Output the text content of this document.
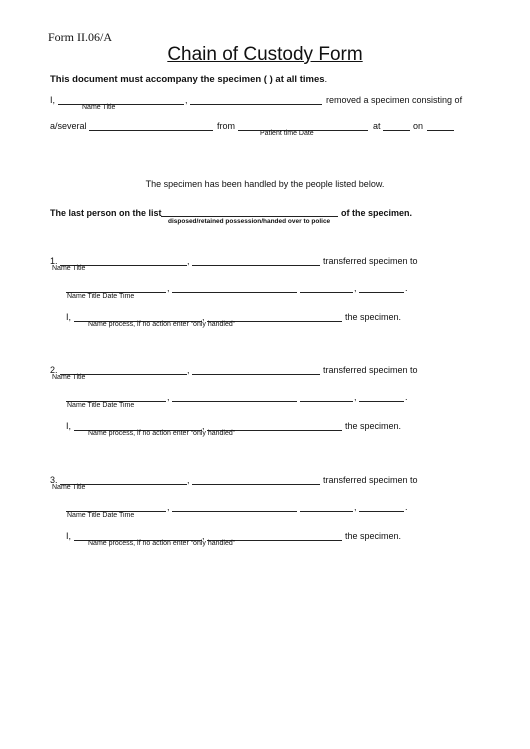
Form II.06/A
Chain of Custody Form
This document must accompany the specimen ( ) at all times.
I,	,	removed a specimen consisting of
Name Title
a/several	from	at	on
Patient time Date
The specimen has been handled by the people listed below.
The last person on the list	of the specimen.
disposed/retained possession/handed over to police
1.	,	transferred specimen to
Name Title
,	,	.
Name Title Date Time
I,	,	the specimen.
Name process, if no action enter “only handled”
2.	,	transferred specimen to
Name Title
,	,	.
Name Title Date Time
I,	,	the specimen.
Name process, if no action enter “only handled”
3.	,	transferred specimen to
Name Title
,	,	.
Name Title Date Time
I,	,	the specimen.
Name process, if no action enter “only handled”
